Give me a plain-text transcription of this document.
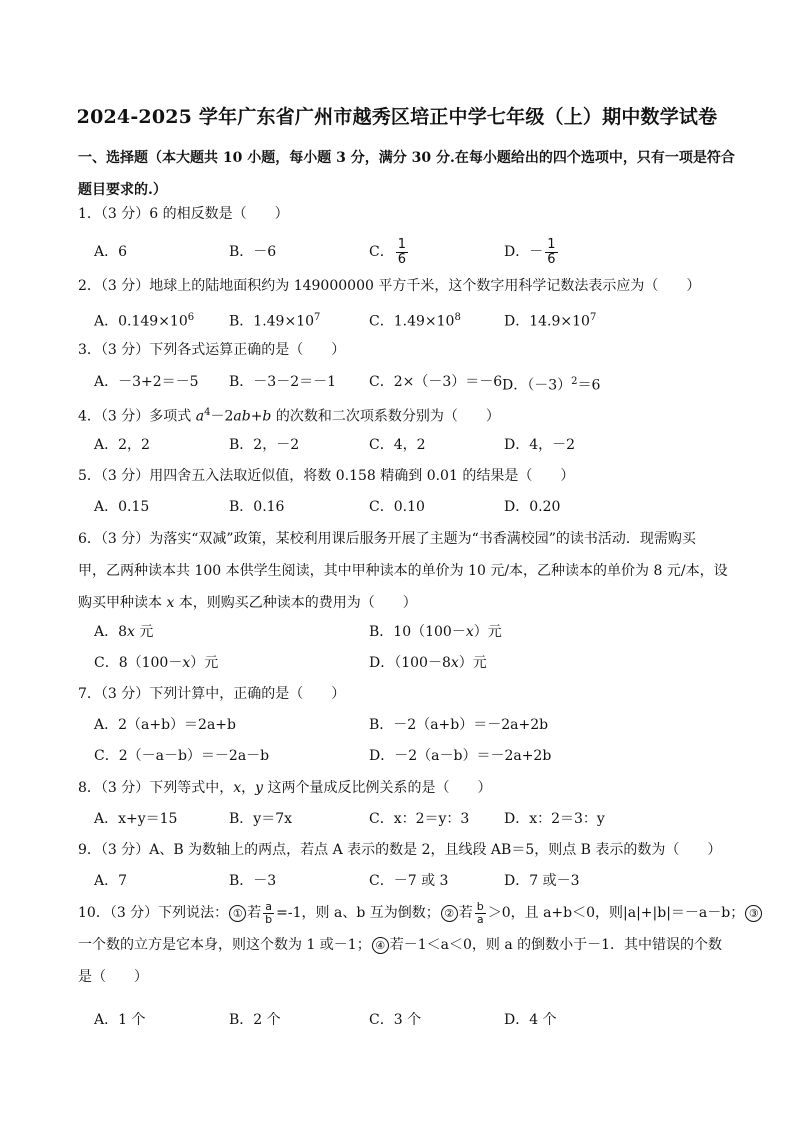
2024-2025 学年广东省广州市越秀区培正中学七年级（上）期中数学试卷
一、选择题（本大题共 10 小题，每小题 3 分，满分 30 分.在每小题给出的四个选项中，只有一项是符合
题目要求的.）
1．（3 分）6 的相反数是（　　）
A．6	B．－6	C． $\frac{1}{6}$	D．－ $\frac{1}{6}$
2．（3 分）地球上的陆地面积约为 149000000 平方千米，这个数字用科学记数法表示应为（　　）
A．$0.149\times 10^6$ B．$1.49\times 10^7$	C．$1.49\times 10^8$	D．$14.9\times 10^7$
3．（3 分）下列各式运算正确的是（　　）
A．－3+2＝－5 B．－3－2＝－1 C．2×（－3）＝－6 D．$(-3)^2=6$
4．（3 分）多项式 $a^4-2ab+b$ 的次数和二次项系数分别为（　　）
A．2，2	B．2，－2	C．4，2	D．4，－2
5．（3 分）用四舍五入法取近似值，将数 0.158 精确到 0.01 的结果是（　　）
A．0.15	B．0.16	C．0.10	D．0.20
6．（3 分）为落实“双减”政策，某校利用课后服务开展了主题为“书香满校园”的读书活动．现需购买
甲，乙两种读本共 100 本供学生阅读，其中甲种读本的单价为 10 元/本，乙种读本的单价为 8 元/本，设
购买甲种读本 x 本，则购买乙种读本的费用为（　　）
A．8x 元	B．10（100－x）元
C．8（100－x）元	D．（100－8x）元
7．（3 分）下列计算中，正确的是（　　）
A．2（a+b）＝2a+b	B．－2（a+b）＝－2a+2b
C．2（－a－b）＝－2a－b	D．－2（a－b）＝－2a+2b
8．（3 分）下列等式中，x，y 这两个量成反比例关系的是（　　）
A．x+y＝15	B．y＝7x	C．x：2＝y：3 D．x：2＝3：y
9．（3 分）A、B 为数轴上的两点，若点 A 表示的数是 2，且线段 AB＝5，则点 B 表示的数为（　　）
A．7	B．－3	C．－7 或 3	D．7 或－3
10．（3 分）下列说法： ① 若 $\frac{a}{b} =-1$，则 a、b 互为倒数； ② 若 $\frac{b}{a} >0$，且 a+b＜0，则|a|+|b|＝－a－b； ③
一个数的立方是它本身，则这个数为 1 或－1； ④ 若－1＜a＜0，则 a 的倒数小于－1．其中错误的个数
是（　　）
A．1 个	B．2 个	C．3 个	D．4 个
